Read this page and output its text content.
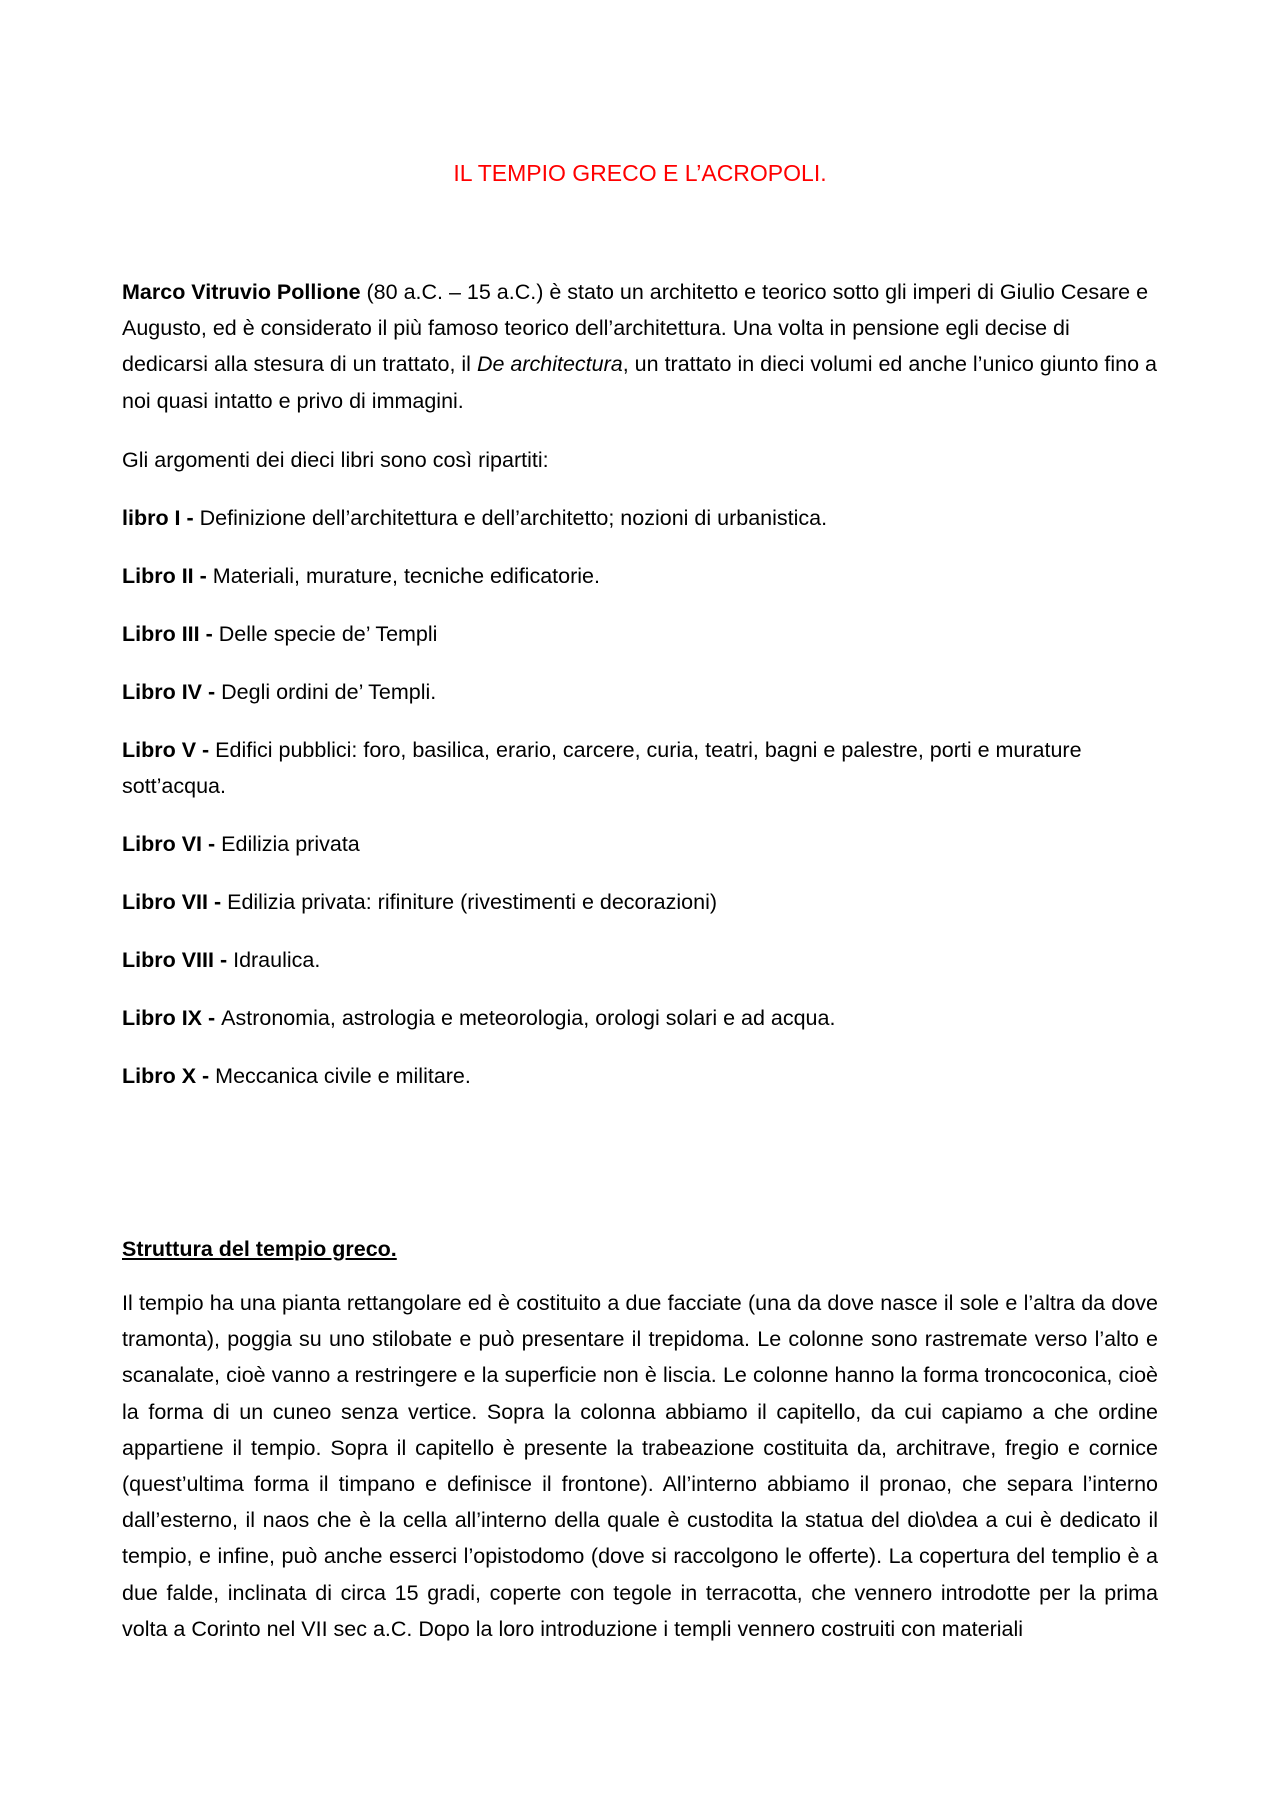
IL TEMPIO GRECO E L’ACROPOLI.

Marco Vitruvio Pollione (80 a.C. – 15 a.C.) è stato un architetto e teorico sotto gli imperi di Giulio Cesare e Augusto, ed è considerato il più famoso teorico dell’architettura. Una volta in pensione egli decise di dedicarsi alla stesura di un trattato, il De architectura, un trattato in dieci volumi ed anche l’unico giunto fino a noi quasi intatto e privo di immagini.

Gli argomenti dei dieci libri sono così ripartiti:

libro I - Definizione dell’architettura e dell’architetto; nozioni di urbanistica.

Libro II - Materiali, murature, tecniche edificatorie.

Libro III - Delle specie de’ Templi

Libro IV - Degli ordini de’ Templi.

Libro V - Edifici pubblici: foro, basilica, erario, carcere, curia, teatri, bagni e palestre, porti e murature sott’acqua.

Libro VI - Edilizia privata

Libro VII - Edilizia privata: rifiniture (rivestimenti e decorazioni)

Libro VIII - Idraulica.

Libro IX - Astronomia, astrologia e meteorologia, orologi solari e ad acqua.

Libro X - Meccanica civile e militare.

Struttura del tempio greco.

Il tempio ha una pianta rettangolare ed è costituito a due facciate (una da dove nasce il sole e l’altra da dove tramonta), poggia su uno stilobate e può presentare il trepidoma. Le colonne sono rastremate verso l’alto e scanalate, cioè vanno a restringere e la superficie non è liscia. Le colonne hanno la forma troncoconica, cioè la forma di un cuneo senza vertice. Sopra la colonna abbiamo il capitello, da cui capiamo a che ordine appartiene il tempio. Sopra il capitello è presente la trabeazione costituita da, architrave, fregio e cornice (quest’ultima forma il timpano e definisce il frontone). All’interno abbiamo il pronao, che separa l’interno dall’esterno, il naos che è la cella all’interno della quale è custodita la statua del dio\dea a cui è dedicato il tempio, e infine, può anche esserci l’opistodomo (dove si raccolgono le offerte). La copertura del templio è a due falde, inclinata di circa 15 gradi, coperte con tegole in terracotta, che vennero introdotte per la prima volta a Corinto nel VII sec a.C. Dopo la loro introduzione i templi vennero costruiti con materiali
